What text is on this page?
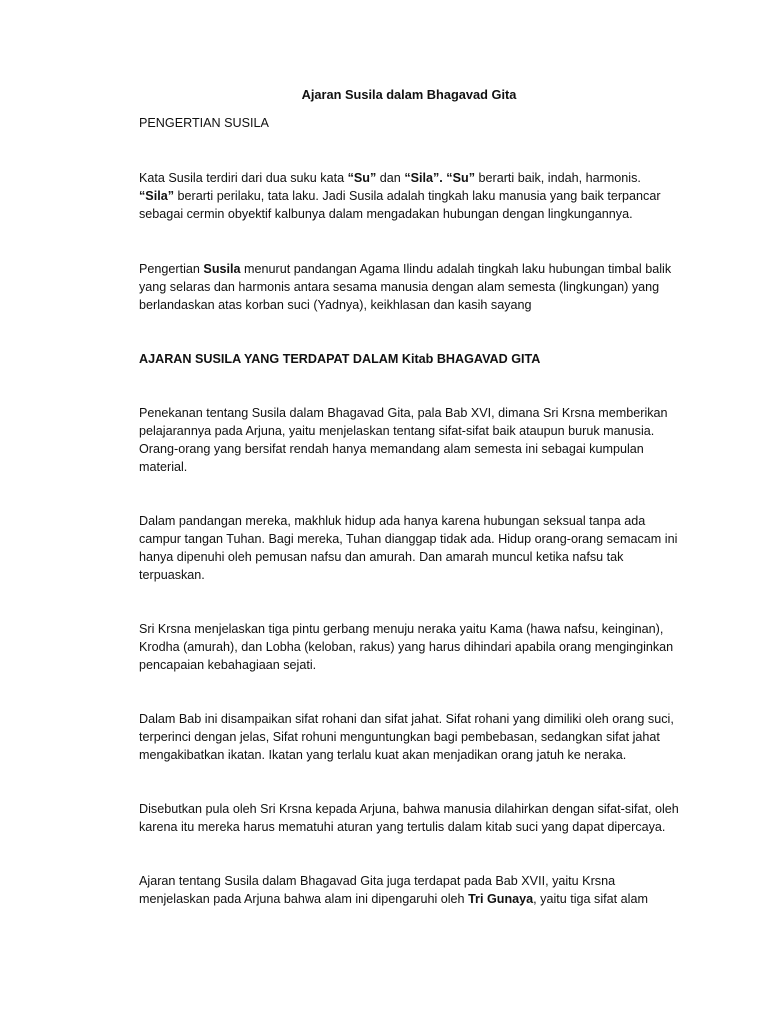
Ajaran Susila dalam Bhagavad Gita
PENGERTIAN SUSILA

Kata Susila terdiri dari dua suku kata “Su” dan “Sila”. “Su” berarti baik, indah, harmonis. “Sila” berarti perilaku, tata laku. Jadi Susila adalah tingkah laku manusia yang baik terpancar sebagai cermin obyektif kalbunya dalam mengadakan hubungan dengan lingkungannya.

Pengertian Susila menurut pandangan Agama Ilindu adalah tingkah laku hubungan timbal balik yang selaras dan harmonis antara sesama manusia dengan alam semesta (lingkungan) yang berlandaskan atas korban suci (Yadnya), keikhlasan dan kasih sayang

AJARAN SUSILA YANG TERDAPAT DALAM Kitab BHAGAVAD GITA

Penekanan tentang Susila dalam Bhagavad Gita, pala Bab XVI, dimana Sri Krsna memberikan pelajarannya pada Arjuna, yaitu menjelaskan tentang sifat-sifat baik ataupun buruk manusia. Orang-orang yang bersifat rendah hanya memandang alam semesta ini sebagai kumpulan material.

Dalam pandangan mereka, makhluk hidup ada hanya karena hubungan seksual tanpa ada campur tangan Tuhan. Bagi mereka, Tuhan dianggap tidak ada. Hidup orang-orang semacam ini hanya dipenuhi oleh pemusan nafsu dan amurah. Dan amarah muncul ketika nafsu tak terpuaskan.

Sri Krsna menjelaskan tiga pintu gerbang menuju neraka yaitu Kama (hawa nafsu, keinginan), Krodha (amurah), dan Lobha (keloban, rakus) yang harus dihindari apabila orang menginginkan pencapaian kebahagiaan sejati.

Dalam Bab ini disampaikan sifat rohani dan sifat jahat. Sifat rohani yang dimiliki oleh orang suci, terperinci dengan jelas, Sifat rohuni menguntungkan bagi pembebasan, sedangkan sifat jahat mengakibatkan ikatan. Ikatan yang terlalu kuat akan menjadikan orang jatuh ke neraka.

Disebutkan pula oleh Sri Krsna kepada Arjuna, bahwa manusia dilahirkan dengan sifat-sifat, oleh karena itu mereka harus mematuhi aturan yang tertulis dalam kitab suci yang dapat dipercaya.

Ajaran tentang Susila dalam Bhagavad Gita juga terdapat pada Bab XVII, yaitu Krsna menjelaskan pada Arjuna bahwa alam ini dipengaruhi oleh Tri Gunaya, yaitu tiga sifat alam
